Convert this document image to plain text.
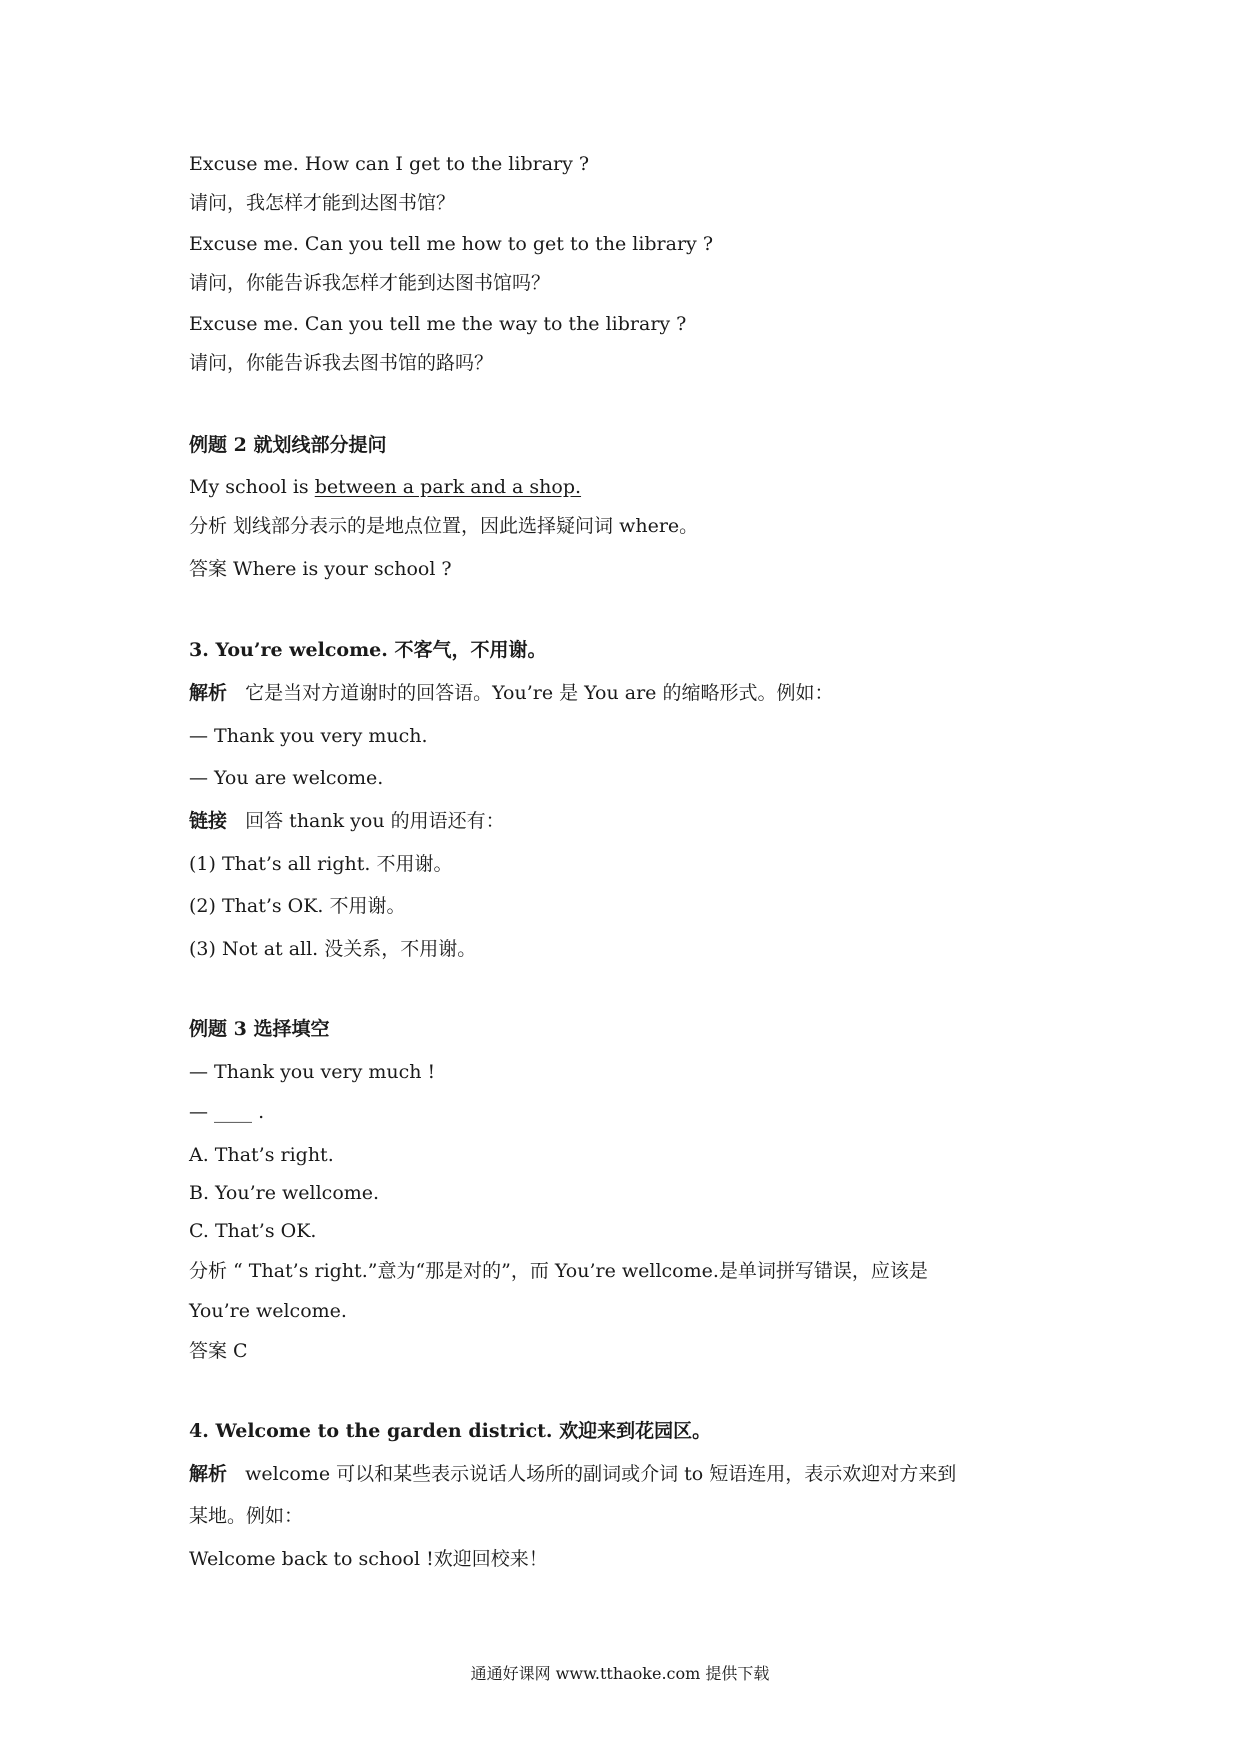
Excuse me. How can I get to the library ?
请问，我怎样才能到达图书馆？
Excuse me. Can you tell me how to get to the library ?
请问，你能告诉我怎样才能到达图书馆吗？
Excuse me. Can you tell me the way to the library ?
请问，你能告诉我去图书馆的路吗？
例题 2 就划线部分提问
My school is between a park and a shop.
分析 划线部分表示的是地点位置，因此选择疑问词 where。
答案 Where is your school ?
3. You’re welcome. 不客气，不用谢。
解析 它是当对方道谢时的回答语。You’re 是 You are 的缩略形式。例如：
— Thank you very much.
— You are welcome.
链接 回答 thank you 的用语还有：
(1) That’s all right. 不用谢。
(2) That’s OK. 不用谢。
(3) Not at all. 没关系，不用谢。
例题 3 选择填空
— Thank you very much !
— ____ .
A. That’s right.
B. You’re wellcome.
C. That’s OK.
分析 “ That’s right.”意为“那是对的”，而 You’re wellcome.是单词拼写错误，应该是
You’re welcome.
答案 C
4. Welcome to the garden district. 欢迎来到花园区。
解析 welcome 可以和某些表示说话人场所的副词或介词 to 短语连用，表示欢迎对方来到
某地。例如：
Welcome back to school !欢迎回校来！
通通好课网 www.tthaoke.com 提供下载
